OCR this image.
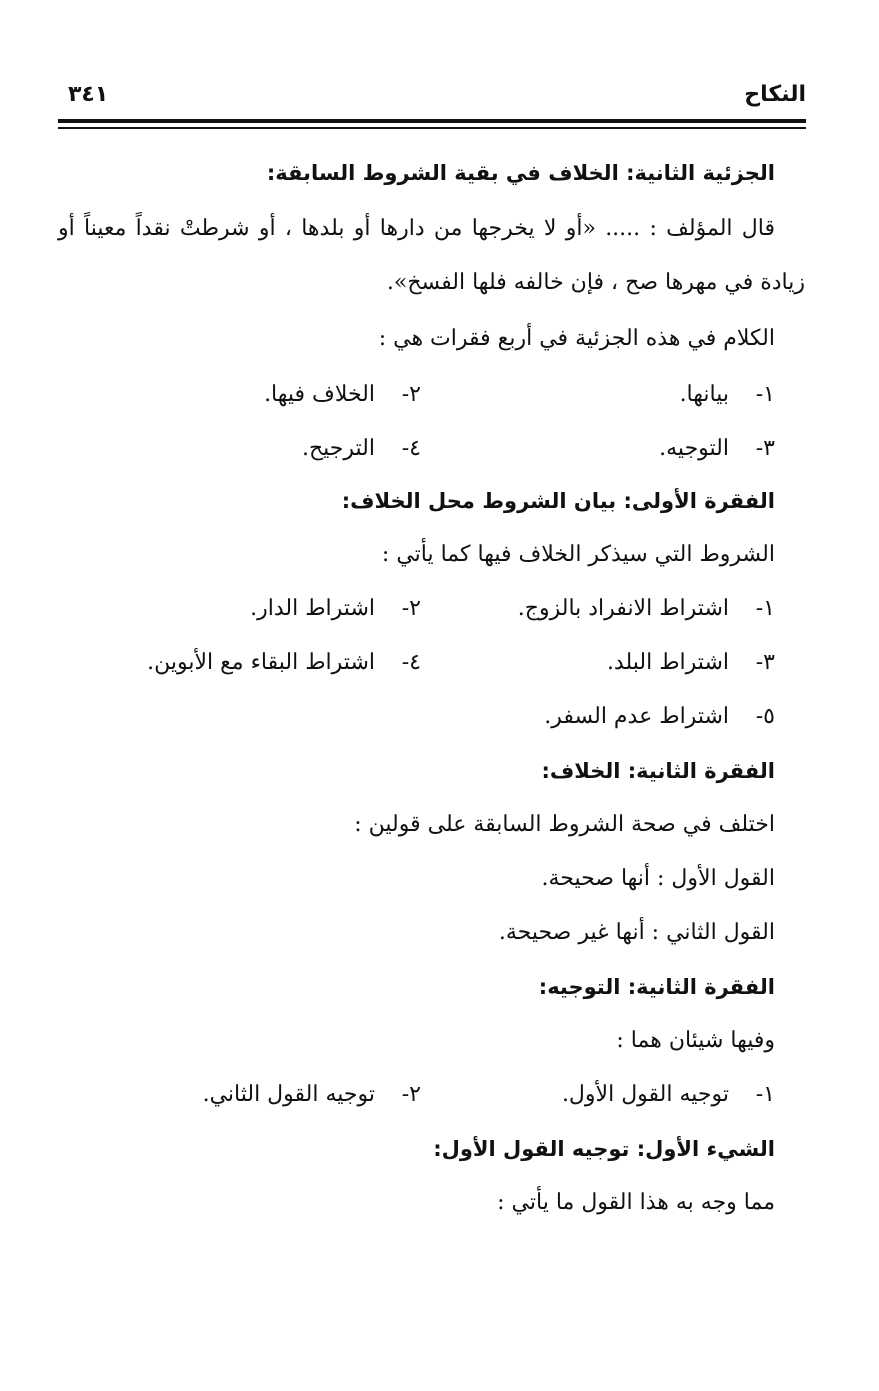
النكاح
٣٤١
الجزئية الثانية: الخلاف في بقية الشروط السابقة:
قال المؤلف : ..... «أو لا يخرجها من دارها أو بلدها ، أو شرطتْ نقداً معيناً أو
زيادة في مهرها صح ، فإن خالفه فلها الفسخ».
الكلام في هذه الجزئية في أربع فقرات هي :
١-بيانها.
٢-الخلاف فيها.
٣-التوجيه.
٤-الترجيح.
الفقرة الأولى: بيان الشروط محل الخلاف:
الشروط التي سيذكر الخلاف فيها كما يأتي :
١-اشتراط الانفراد بالزوج.
٢-اشتراط الدار.
٣-اشتراط البلد.
٤-اشتراط البقاء مع الأبوين.
٥-اشتراط عدم السفر.
الفقرة الثانية: الخلاف:
اختلف في صحة الشروط السابقة على قولين :
القول الأول : أنها صحيحة.
القول الثاني : أنها غير صحيحة.
الفقرة الثانية: التوجيه:
وفيها شيئان هما :
١-توجيه القول الأول.
٢-توجيه القول الثاني.
الشيء الأول: توجيه القول الأول:
مما وجه به هذا القول ما يأتي :
